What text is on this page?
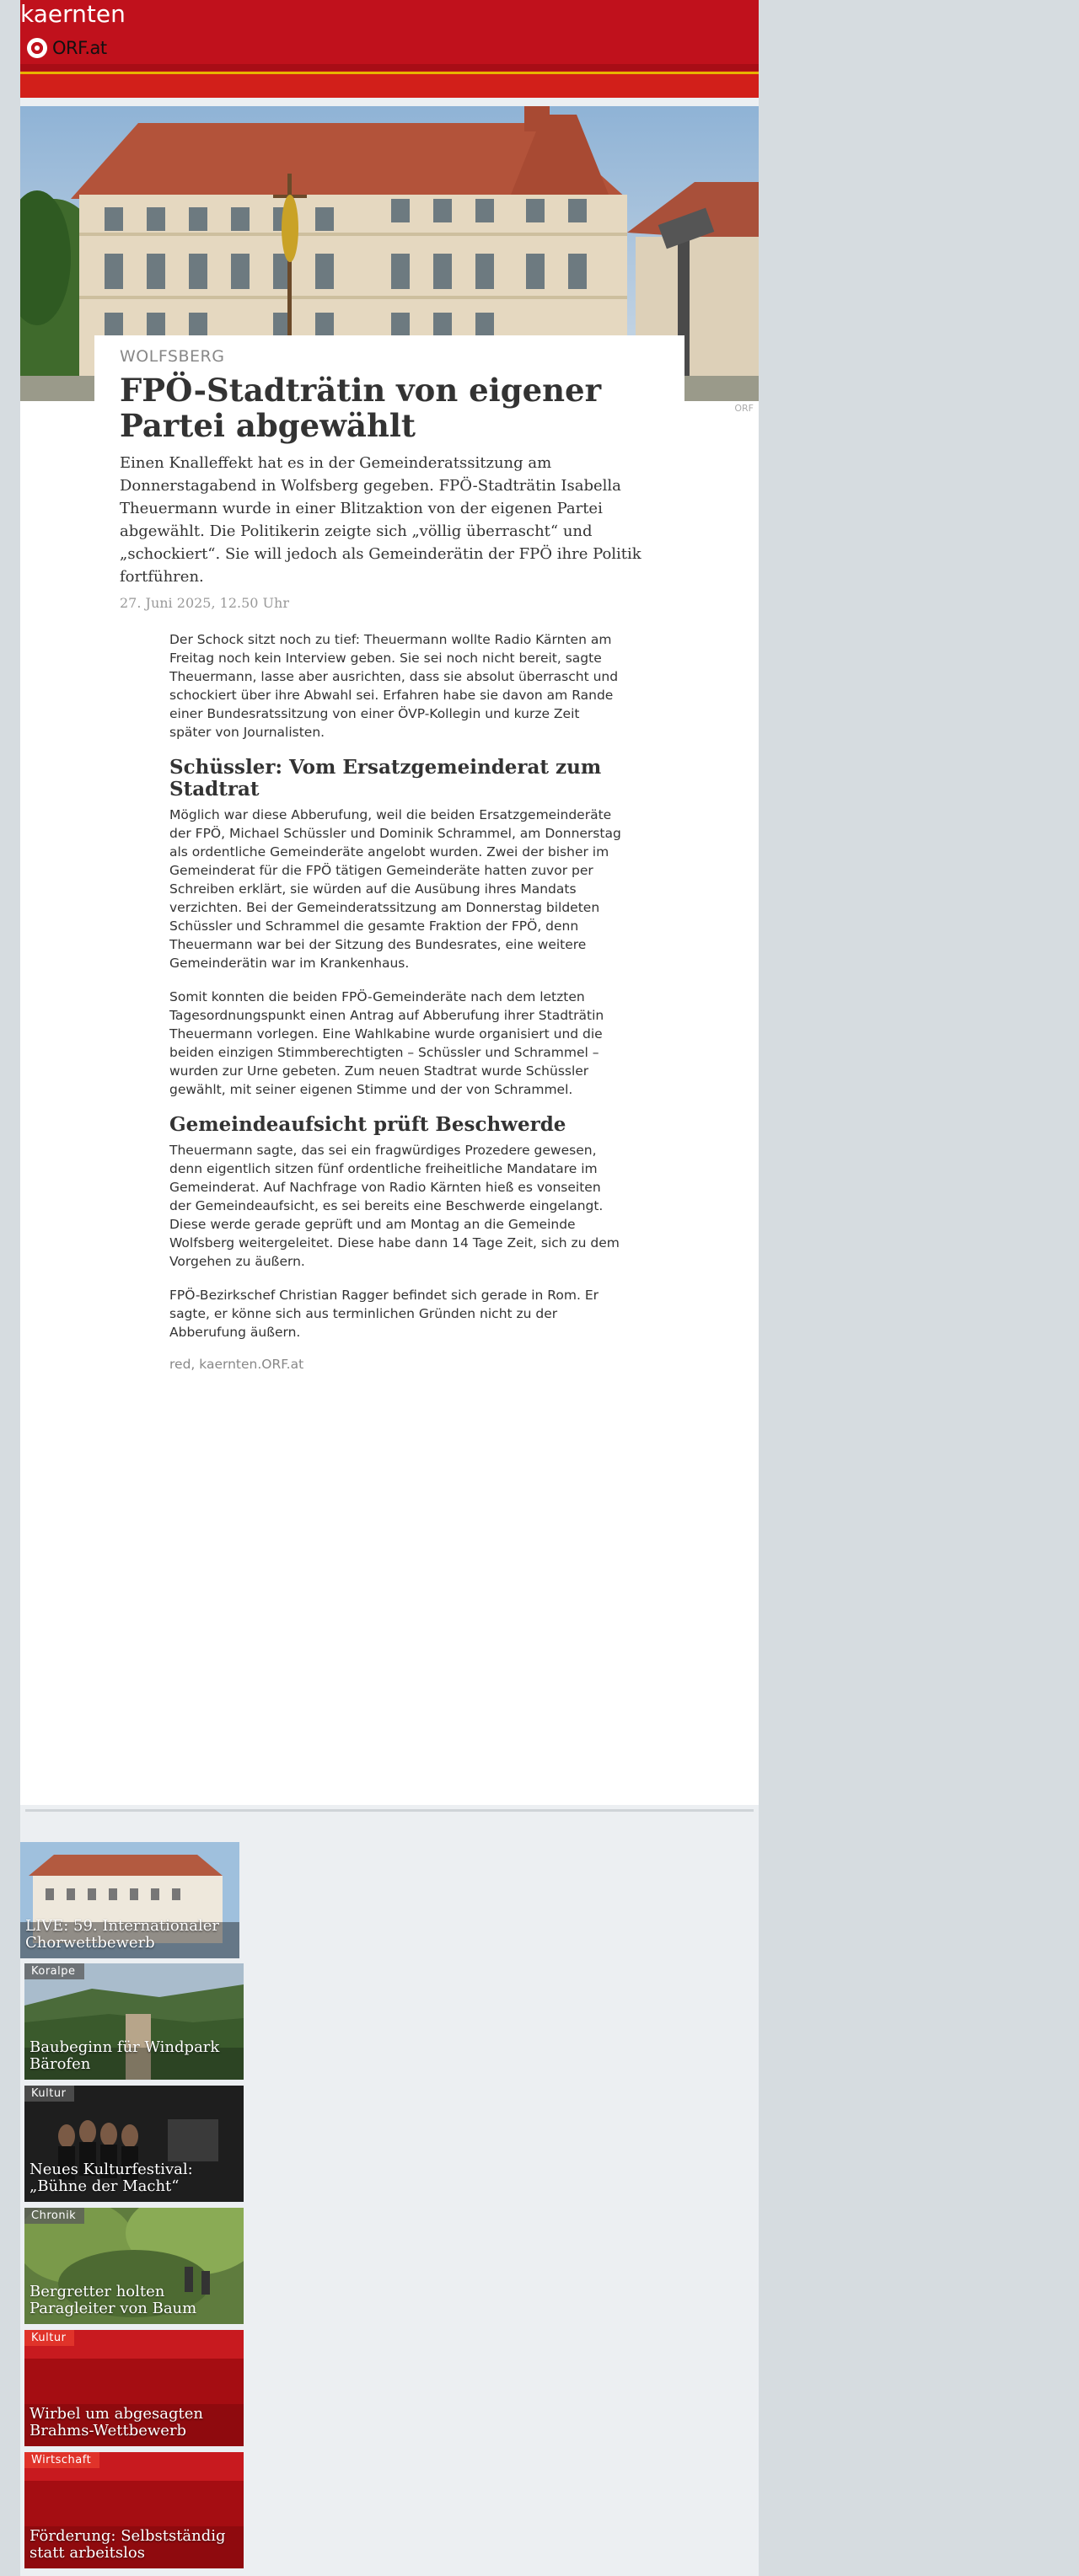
kaernten
ORF.at
ORF
WOLFSBERG
FPÖ-Stadträtin von eigener Partei abgewählt
Einen Knalleffekt hat es in der Gemeinderatssitzung am Donnerstagabend in Wolfsberg gegeben. FPÖ-Stadträtin Isabella Theuermann wurde in einer Blitzaktion von der eigenen Partei abgewählt. Die Politikerin zeigte sich „völlig überrascht“ und „schockiert“. Sie will jedoch als Gemeinderätin der FPÖ ihre Politik fortführen.
27. Juni 2025, 12.50 Uhr

Der Schock sitzt noch zu tief: Theuermann wollte Radio Kärnten am Freitag noch kein Interview geben. Sie sei noch nicht bereit, sagte Theuermann, lasse aber ausrichten, dass sie absolut überrascht und schockiert über ihre Abwahl sei. Erfahren habe sie davon am Rande einer Bundesratssitzung von einer ÖVP-Kollegin und kurze Zeit später von Journalisten.

Schüssler: Vom Ersatzgemeinderat zum Stadtrat

Möglich war diese Abberufung, weil die beiden Ersatzgemeinderäte der FPÖ, Michael Schüssler und Dominik Schrammel, am Donnerstag als ordentliche Gemeinderäte angelobt wurden. Zwei der bisher im Gemeinderat für die FPÖ tätigen Gemeinderäte hatten zuvor per Schreiben erklärt, sie würden auf die Ausübung ihres Mandats verzichten. Bei der Gemeinderatssitzung am Donnerstag bildeten Schüssler und Schrammel die gesamte Fraktion der FPÖ, denn Theuermann war bei der Sitzung des Bundesrates, eine weitere Gemeinderätin war im Krankenhaus.

Somit konnten die beiden FPÖ-Gemeinderäte nach dem letzten Tagesordnungspunkt einen Antrag auf Abberufung ihrer Stadträtin Theuermann vorlegen. Eine Wahlkabine wurde organisiert und die beiden einzigen Stimmberechtigten – Schüssler und Schrammel – wurden zur Urne gebeten. Zum neuen Stadtrat wurde Schüssler gewählt, mit seiner eigenen Stimme und der von Schrammel.

Gemeindeaufsicht prüft Beschwerde

Theuermann sagte, das sei ein fragwürdiges Prozedere gewesen, denn eigentlich sitzen fünf ordentliche freiheitliche Mandatare im Gemeinderat. Auf Nachfrage von Radio Kärnten hieß es vonseiten der Gemeindeaufsicht, es sei bereits eine Beschwerde eingelangt. Diese werde gerade geprüft und am Montag an die Gemeinde Wolfsberg weitergeleitet. Diese habe dann 14 Tage Zeit, sich zu dem Vorgehen zu äußern.

FPÖ-Bezirkschef Christian Ragger befindet sich gerade in Rom. Er sagte, er könne sich aus terminlichen Gründen nicht zu der Abberufung äußern.

red, kaernten.ORF.at
LIVE: 59. Internationaler Chorwettbewerb
Koralpe
Baubeginn für Windpark Bärofen
Kultur
Neues Kulturfestival: „Bühne der Macht“
Chronik
Bergretter holten Paragleiter von Baum
Kultur
Wirbel um abgesagten Brahms-Wettbewerb
Wirtschaft
Förderung: Selbstständig statt arbeitslos
